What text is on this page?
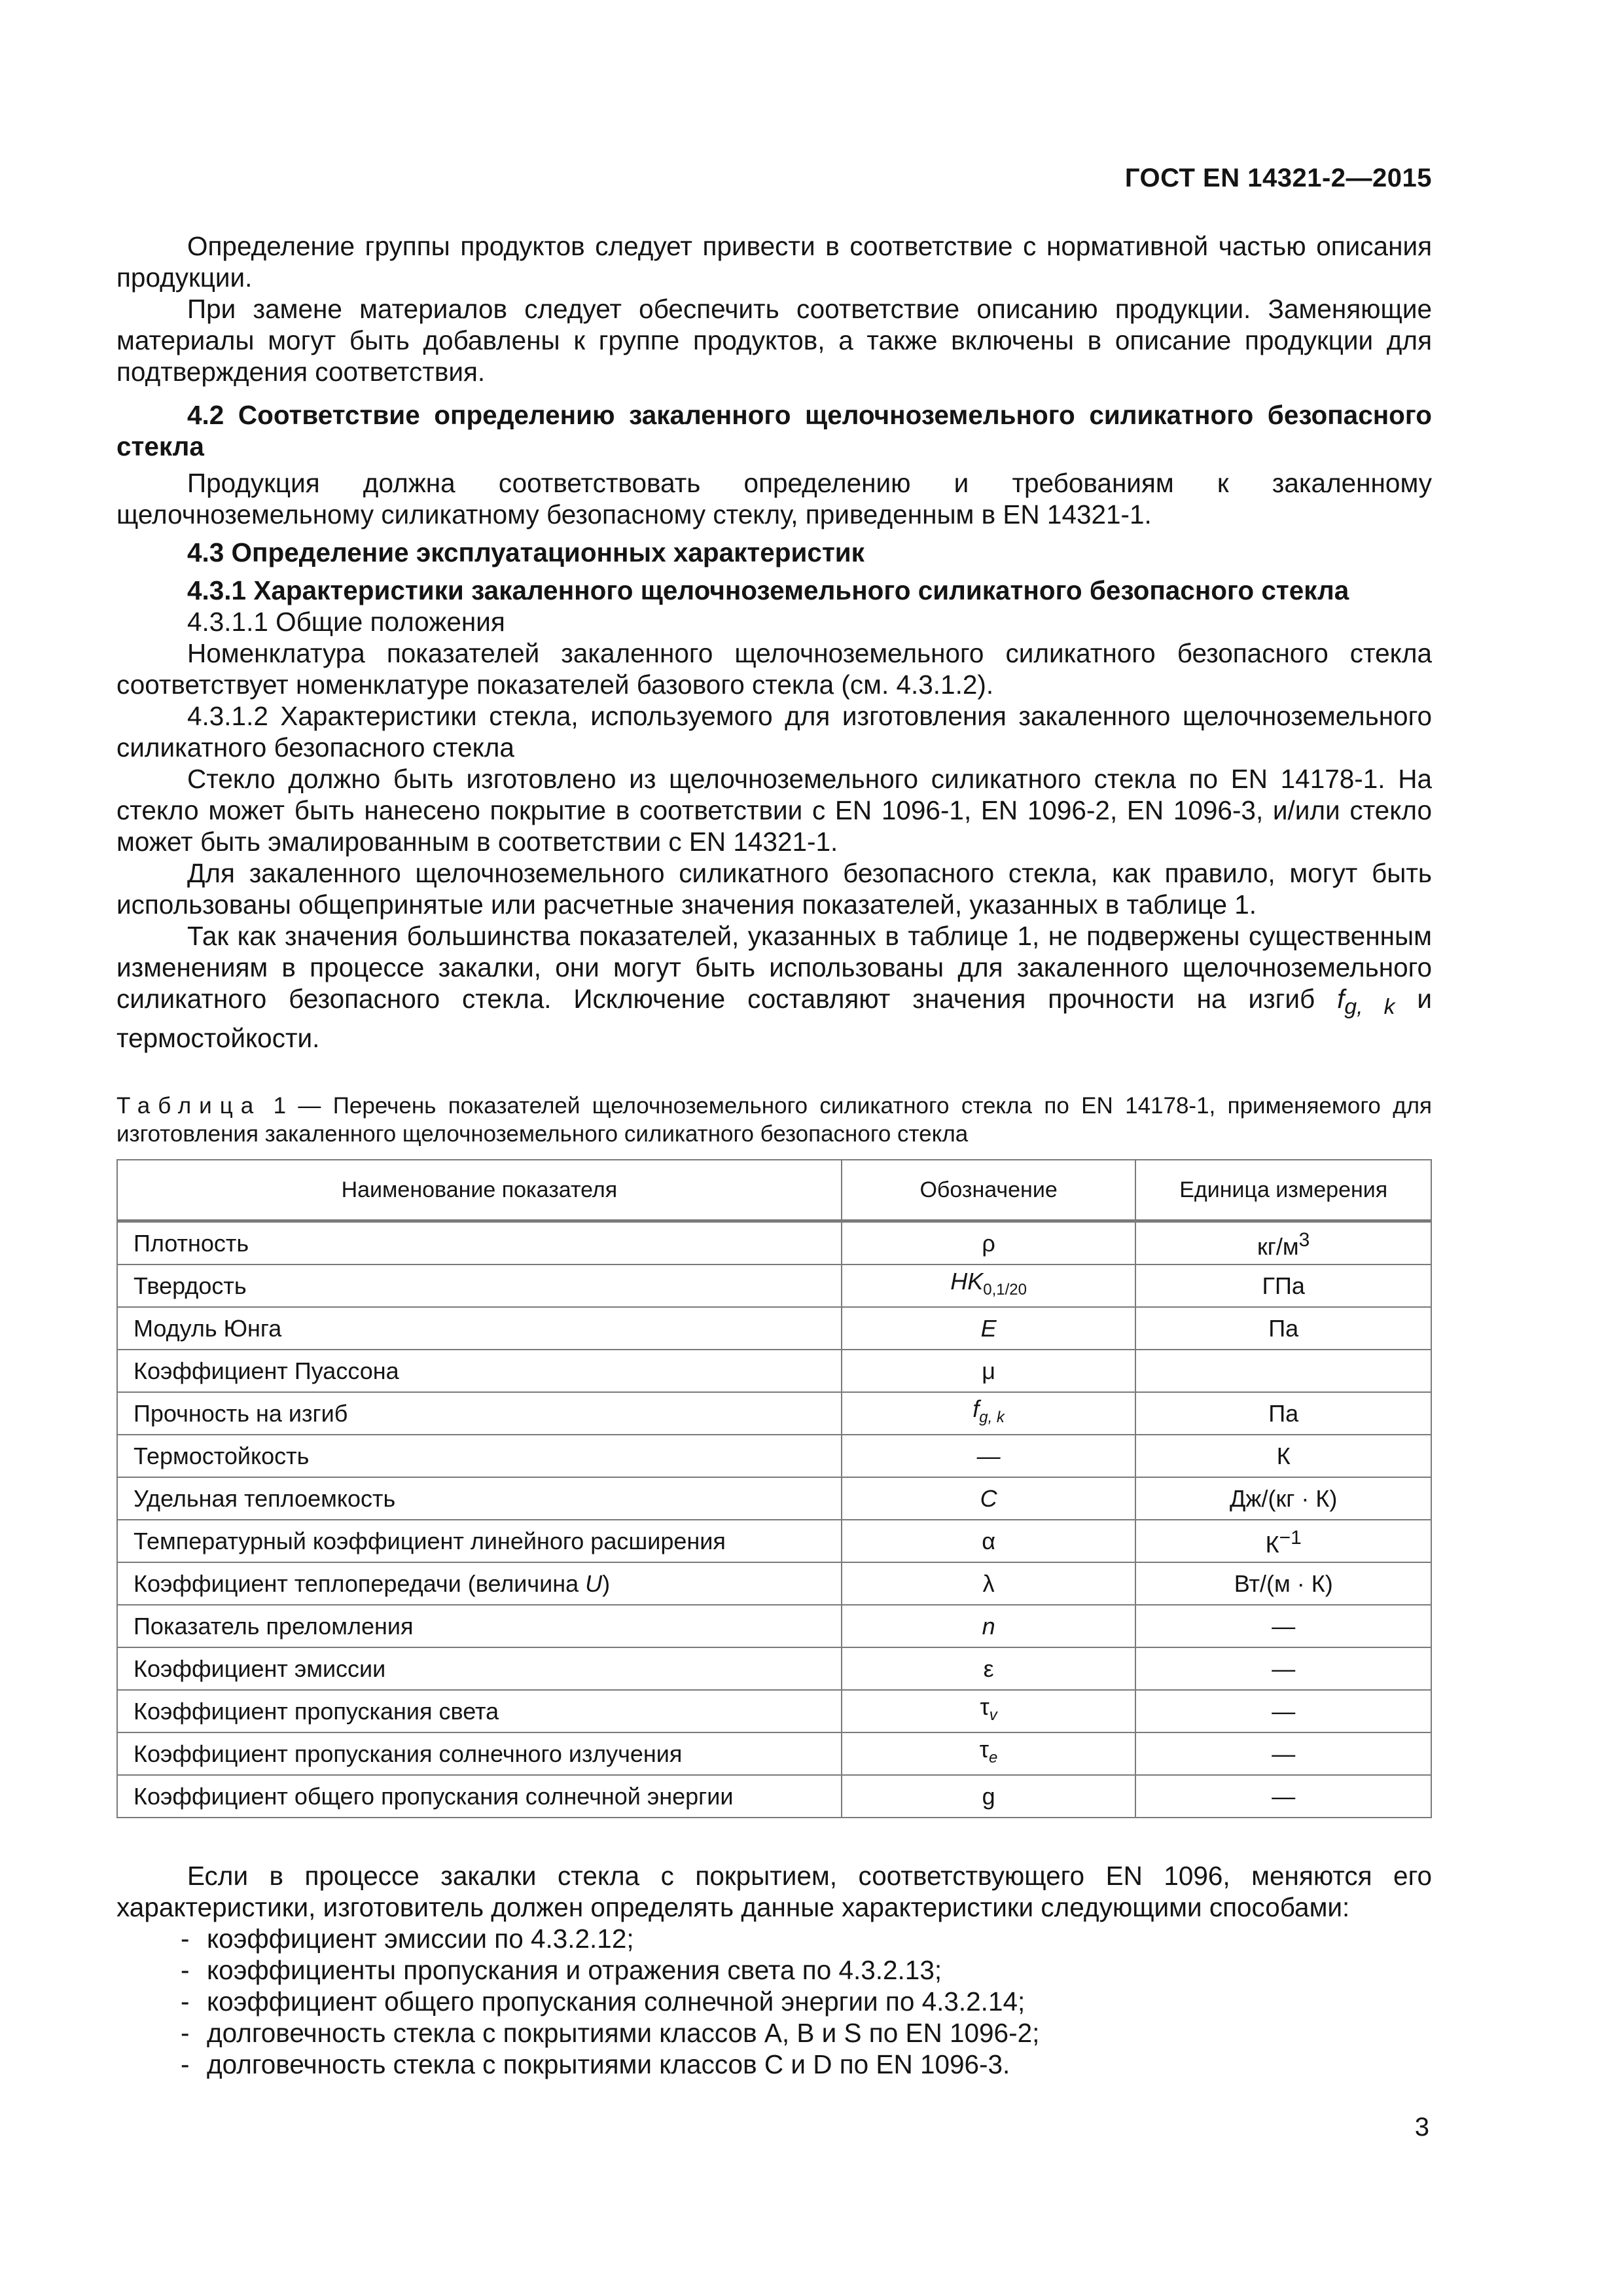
ГОСТ EN 14321-2—2015

Определение группы продуктов следует привести в соответствие с нормативной частью описания продукции.

При замене материалов следует обеспечить соответствие описанию продукции. Заменяющие материалы могут быть добавлены к группе продуктов, а также включены в описание продукции для подтверждения соответствия.

4.2 Соответствие определению закаленного щелочноземельного силикатного безопасного стекла

Продукция должна соответствовать определению и требованиям к закаленному щелочноземельному силикатному безопасному стеклу, приведенным в EN 14321-1.

4.3 Определение эксплуатационных характеристик

4.3.1 Характеристики закаленного щелочноземельного силикатного безопасного стекла

4.3.1.1 Общие положения

Номенклатура показателей закаленного щелочноземельного силикатного безопасного стекла соответствует номенклатуре показателей базового стекла (см. 4.3.1.2).

4.3.1.2 Характеристики стекла, используемого для изготовления закаленного щелочноземельного силикатного безопасного стекла

Стекло должно быть изготовлено из щелочноземельного силикатного стекла по EN 14178-1. На стекло может быть нанесено покрытие в соответствии с EN 1096-1, EN 1096-2, EN 1096-3, и/или стекло может быть эмалированным в соответствии с EN 14321-1.

Для закаленного щелочноземельного силикатного безопасного стекла, как правило, могут быть использованы общепринятые или расчетные значения показателей, указанных в таблице 1.

Так как значения большинства показателей, указанных в таблице 1, не подвержены существенным изменениям в процессе закалки, они могут быть использованы для закаленного щелочноземельного силикатного безопасного стекла. Исключение составляют значения прочности на изгиб $f_{g, k}$ и термостойкости.

Таблица 1 — Перечень показателей щелочноземельного силикатного стекла по EN 14178-1, применяемого для изготовления закаленного щелочноземельного силикатного безопасного стекла

Наименование показателя	Обозначение	Единица измерения
Плотность	ρ	$кг/м^3$
Твердость	$HK_{0,1/20}$	ГПа
Модуль Юнга	E	Па
Коэффициент Пуассона	μ	
Прочность на изгиб	$f_{g, k}$	Па
Термостойкость	—	К
Удельная теплоемкость	C	Дж/(кг · К)
Температурный коэффициент линейного расширения	α	$К^{-1}$
Коэффициент теплопередачи (величина U)	λ	Вт/(м · К)
Показатель преломления	n	—
Коэффициент эмиссии	ε	—
Коэффициент пропускания света	$\tau_v$	—
Коэффициент пропускания солнечного излучения	$\tau_e$	—
Коэффициент общего пропускания солнечной энергии	g	—

Если в процессе закалки стекла с покрытием, соответствующего EN 1096, меняются его характеристики, изготовитель должен определять данные характеристики следующими способами:

- коэффициент эмиссии по 4.3.2.12;

- коэффициенты пропускания и отражения света по 4.3.2.13;

- коэффициент общего пропускания солнечной энергии по 4.3.2.14;

- долговечность стекла с покрытиями классов А, В и S по EN 1096-2;

- долговечность стекла с покрытиями классов С и D по EN 1096-3.

3
